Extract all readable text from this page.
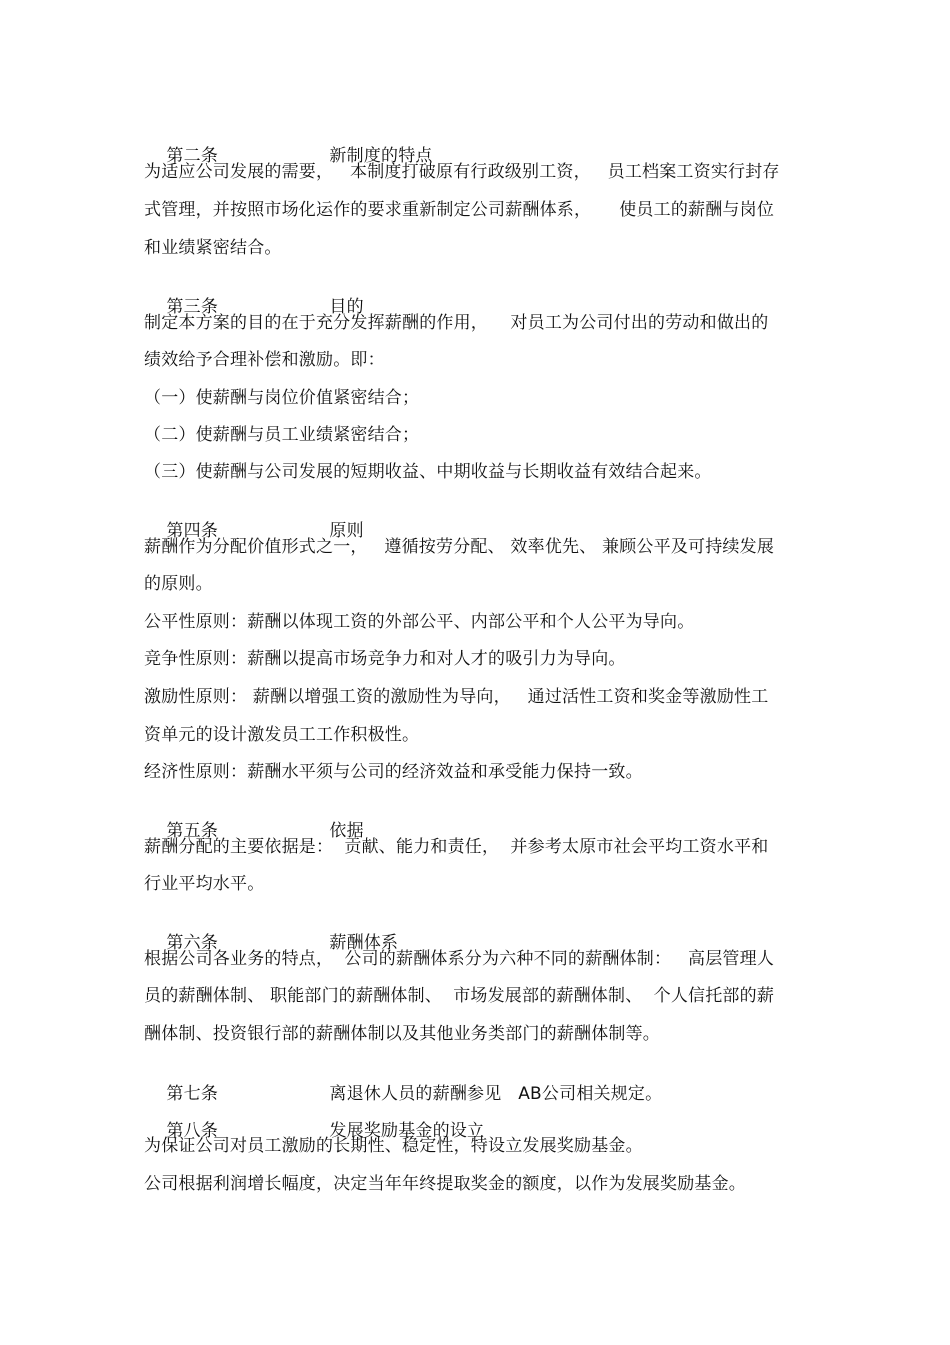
第二条	新制度的特点

为适应公司发展的需要，   本制度打破原有行政级别工资，   员工档案工资实行封存
式管理，并按照市场化运作的要求重新制定公司薪酬体系，     使员工的薪酬与岗位
和业绩紧密结合。

第三条	目的

制定本方案的目的在于充分发挥薪酬的作用，    对员工为公司付出的劳动和做出的
绩效给予合理补偿和激励。即：
（一）使薪酬与岗位价值紧密结合；
（二）使薪酬与员工业绩紧密结合；
（三）使薪酬与公司发展的短期收益、中期收益与长期收益有效结合起来。

第四条	原则

薪酬作为分配价值形式之一，   遵循按劳分配、 效率优先、 兼顾公平及可持续发展
的原则。
公平性原则：薪酬以体现工资的外部公平、内部公平和个人公平为导向。
竞争性原则：薪酬以提高市场竞争力和对人才的吸引力为导向。
激励性原则： 薪酬以增强工资的激励性为导向，   通过活性工资和奖金等激励性工
资单元的设计激发员工工作积极性。
经济性原则：薪酬水平须与公司的经济效益和承受能力保持一致。

第五条	依据

薪酬分配的主要依据是：  贡献、能力和责任，  并参考太原市社会平均工资水平和
行业平均水平。

第六条	薪酬体系

根据公司各业务的特点，  公司的薪酬体系分为六种不同的薪酬体制：   高层管理人
员的薪酬体制、 职能部门的薪酬体制、  市场发展部的薪酬体制、  个人信托部的薪
酬体制、投资银行部的薪酬体制以及其他业务类部门的薪酬体制等。

第七条	离退休人员的薪酬参见   AB公司相关规定。

第八条	发展奖励基金的设立

为保证公司对员工激励的长期性、稳定性，特设立发展奖励基金。
公司根据利润增长幅度，决定当年年终提取奖金的额度，以作为发展奖励基金。
